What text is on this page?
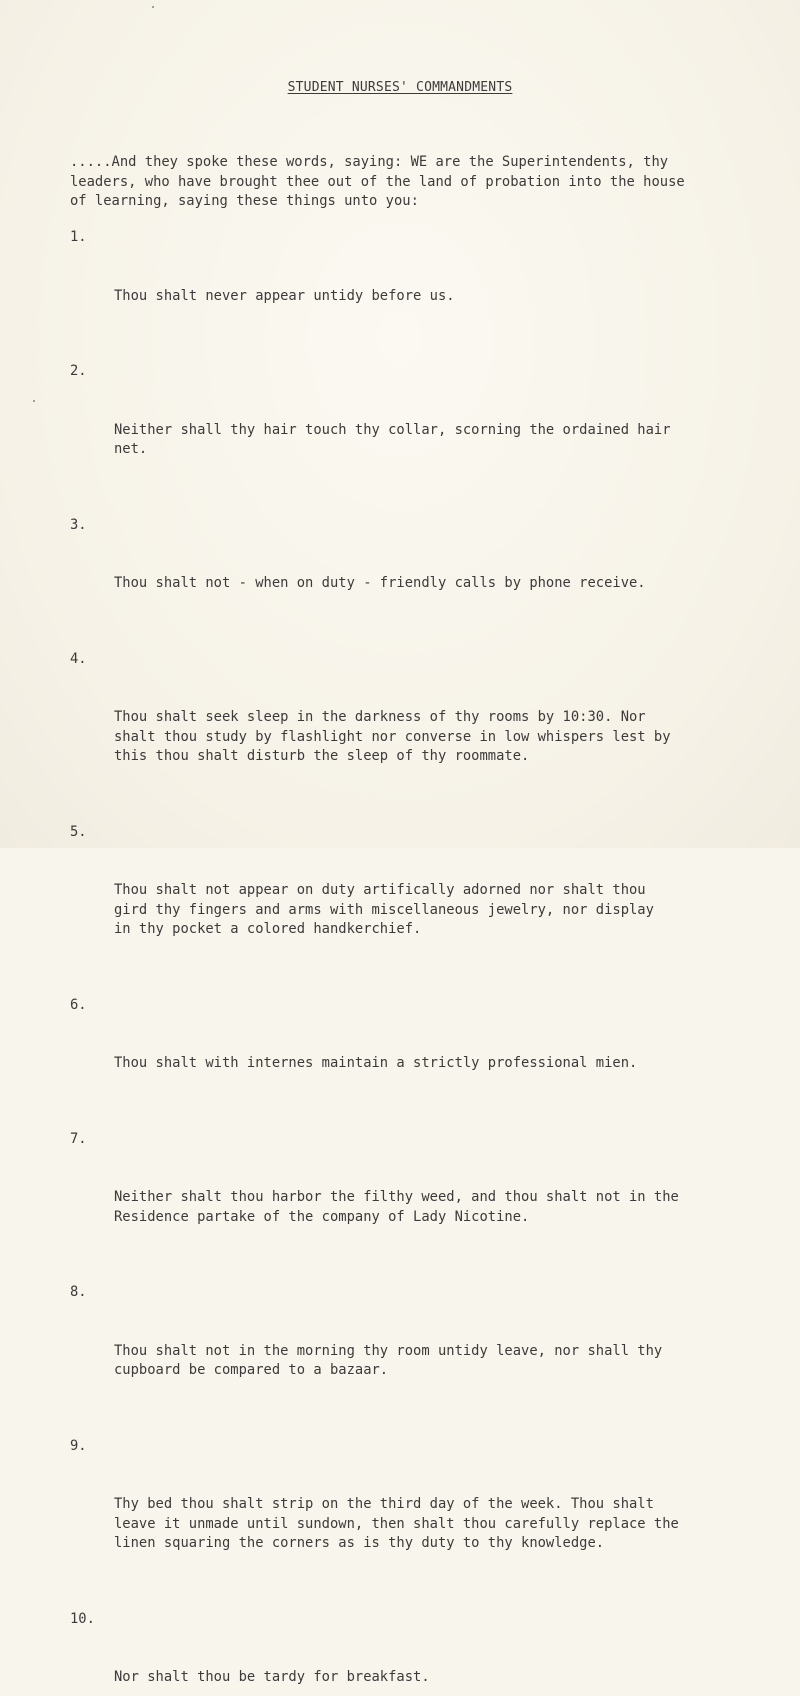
STUDENT NURSES' COMMANDMENTS
.....And they spoke these words, saying: WE are the Superintendents, thy
leaders, who have brought thee out of the land of probation into the house
of learning, saying these things unto you:

1.

Thou shalt never appear untidy before us.

2.

Neither shall thy hair touch thy collar, scorning the ordained hair
net.

3.

Thou shalt not - when on duty - friendly calls by phone receive.

4.

Thou shalt seek sleep in the darkness of thy rooms by 10:30. Nor
shalt thou study by flashlight nor converse in low whispers lest by
this thou shalt disturb the sleep of thy roommate.

5.

Thou shalt not appear on duty artifically adorned nor shalt thou
gird thy fingers and arms with miscellaneous jewelry, nor display
in thy pocket a colored handkerchief.

6.

Thou shalt with internes maintain a strictly professional mien.

7.

Neither shalt thou harbor the filthy weed, and thou shalt not in the
Residence partake of the company of Lady Nicotine.

8.

Thou shalt not in the morning thy room untidy leave, nor shall thy
cupboard be compared to a bazaar.

9.

Thy bed thou shalt strip on the third day of the week. Thou shalt
leave it unmade until sundown, then shalt thou carefully replace the
linen squaring the corners as is thy duty to thy knowledge.

10.

Nor shalt thou be tardy for breakfast.
